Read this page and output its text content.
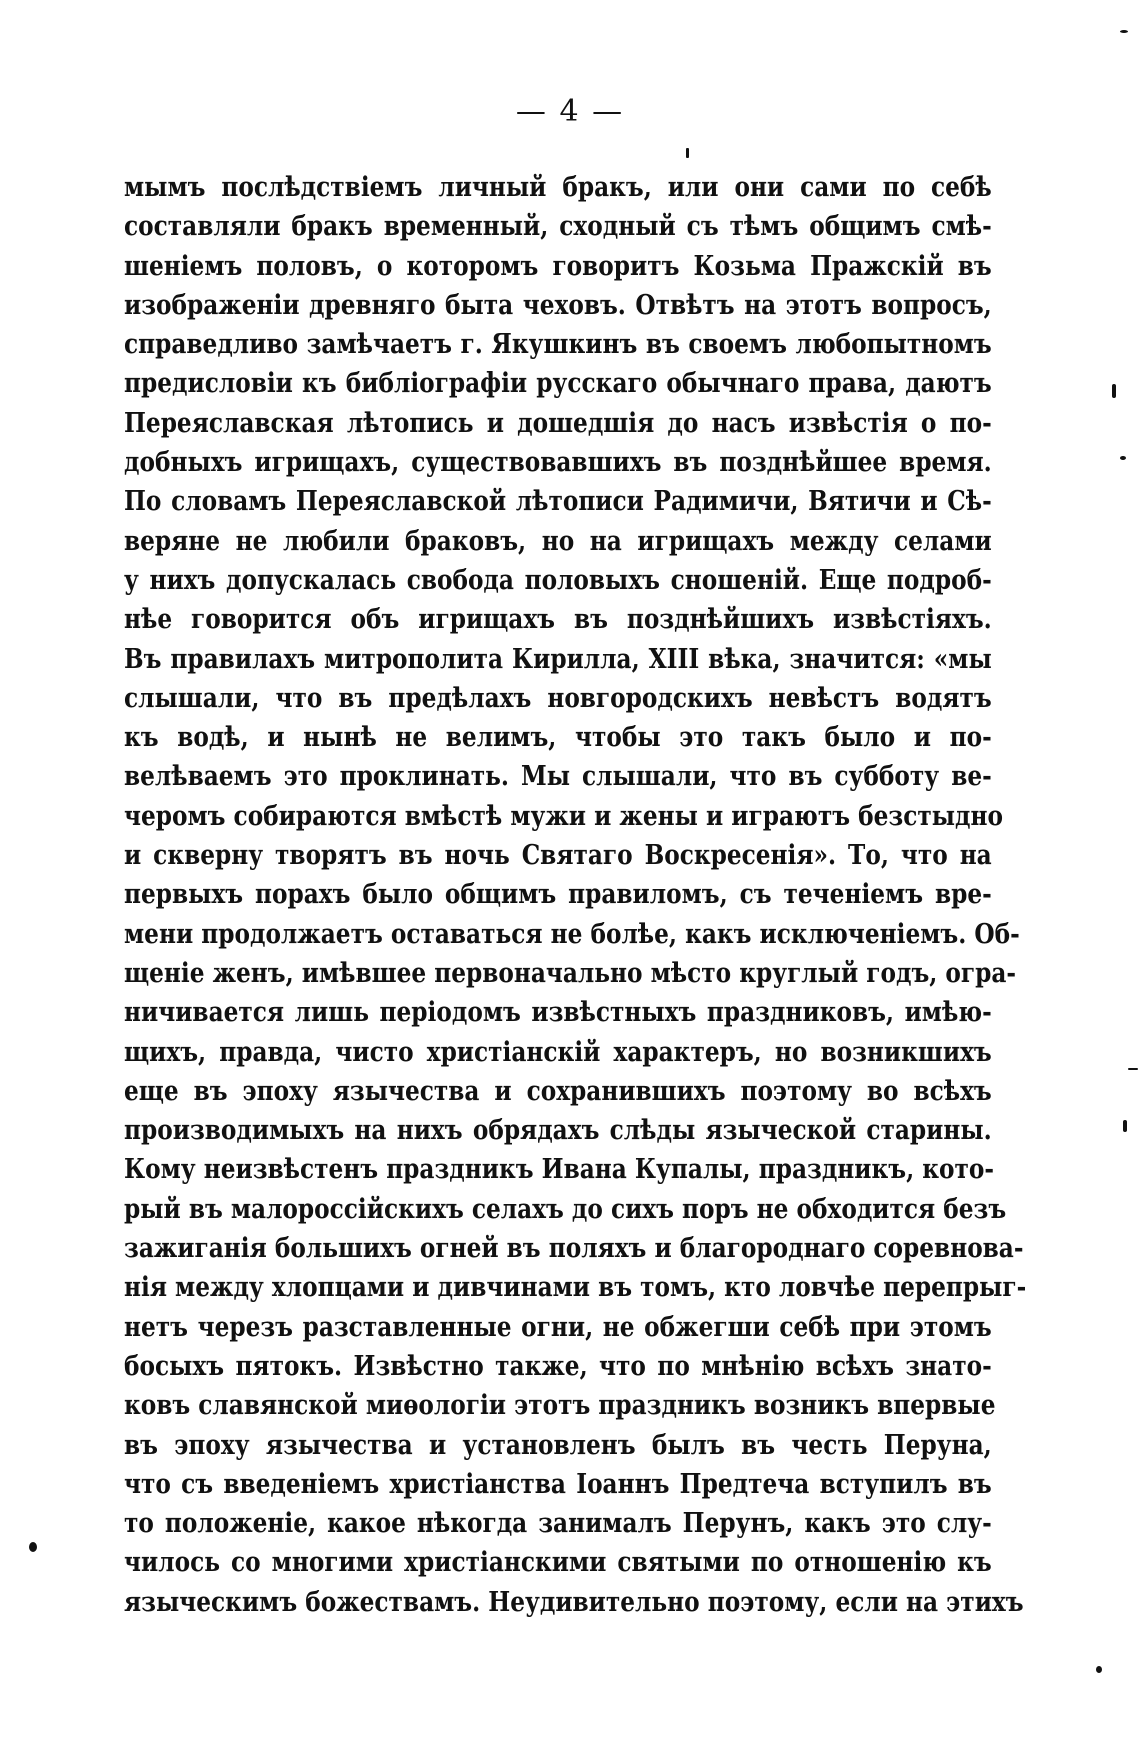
— 4 —
мымъ послѣдствіемъ личный бракъ, или они сами по себѣ
составляли бракъ временный, сходный съ тѣмъ общимъ смѣ-
шеніемъ половъ, о которомъ говоритъ Козьма Пражскій въ
изображеніи древняго быта чеховъ. Отвѣтъ на этотъ вопросъ,
справедливо замѣчаетъ г. Якушкинъ въ своемъ любопытномъ
предисловіи къ библіографіи русскаго обычнаго права, даютъ
Переяславская лѣтопись и дошедшія до насъ извѣстія о по-
добныхъ игрищахъ, существовавшихъ въ позднѣйшее время.
По словамъ Переяславской лѣтописи Радимичи, Вятичи и Сѣ-
веряне не любили браковъ, но на игрищахъ между селами
у нихъ допускалась свобода половыхъ сношеній. Еще подроб-
нѣе говорится объ игрищахъ въ позднѣйшихъ извѣстіяхъ.
Въ правилахъ митрополита Кирилла, XIII вѣка, значится: «мы
слышали, что въ предѣлахъ новгородскихъ невѣстъ водятъ
къ водѣ, и нынѣ не велимъ, чтобы это такъ было и по-
велѣваемъ это проклинать. Мы слышали, что въ субботу ве-
черомъ собираются вмѣстѣ мужи и жены и играютъ безстыдно
и скверну творятъ въ ночь Святаго Воскресенія». То, что на
первыхъ порахъ было общимъ правиломъ, съ теченіемъ вре-
мени продолжаетъ оставаться не болѣе, какъ исключеніемъ. Об-
щеніе женъ, имѣвшее первоначально мѣсто круглый годъ, огра-
ничивается лишь періодомъ извѣстныхъ праздниковъ, имѣю-
щихъ, правда, чисто христіанскій характеръ, но возникшихъ
еще въ эпоху язычества и сохранившихъ поэтому во всѣхъ
производимыхъ на нихъ обрядахъ слѣды языческой старины.
Кому неизвѣстенъ праздникъ Ивана Купалы, праздникъ, кото-
рый въ малороссійскихъ селахъ до сихъ поръ не обходится безъ
зажиганія большихъ огней въ поляхъ и благороднаго соревнова-
нія между хлопцами и дивчинами въ томъ, кто ловчѣе перепрыг-
нетъ черезъ разставленные огни, не обжегши себѣ при этомъ
босыхъ пятокъ. Извѣстно также, что по мнѣнію всѣхъ знато-
ковъ славянской миѳологіи этотъ праздникъ возникъ впервые
въ эпоху язычества и установленъ былъ въ честь Перуна,
что съ введеніемъ христіанства Іоаннъ Предтеча вступилъ въ
то положеніе, какое нѣкогда занималъ Перунъ, какъ это слу-
чилось со многими христіанскими святыми по отношенію къ
языческимъ божествамъ. Неудивительно поэтому, если на этихъ
